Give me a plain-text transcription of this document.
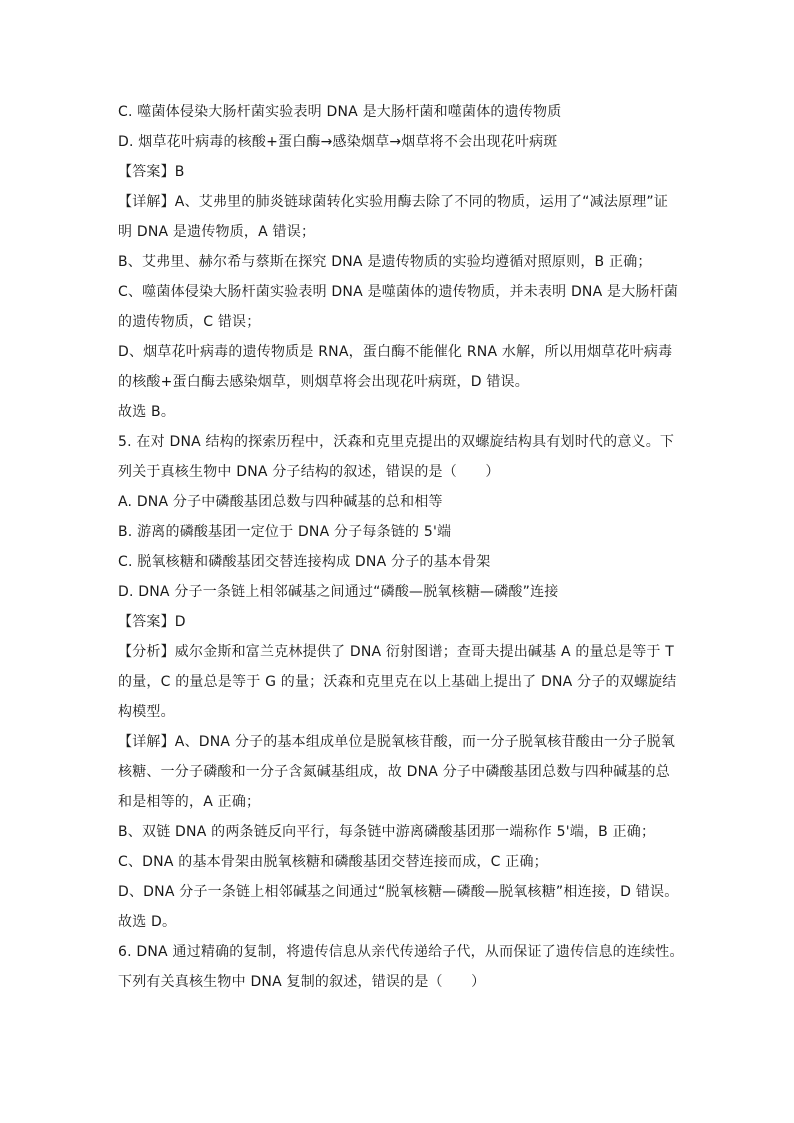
C. 噬菌体侵染大肠杆菌实验表明 DNA 是大肠杆菌和噬菌体的遗传物质
D. 烟草花叶病毒的核酸+蛋白酶→感染烟草→烟草将不会出现花叶病斑
【答案】B
【详解】A、艾弗里的肺炎链球菌转化实验用酶去除了不同的物质，运用了“减法原理”证
明 DNA 是遗传物质，A 错误；
B、艾弗里、赫尔希与蔡斯在探究 DNA 是遗传物质的实验均遵循对照原则，B 正确；
C、噬菌体侵染大肠杆菌实验表明 DNA 是噬菌体的遗传物质，并未表明 DNA 是大肠杆菌
的遗传物质，C 错误；
D、烟草花叶病毒的遗传物质是 RNA，蛋白酶不能催化 RNA 水解，所以用烟草花叶病毒
的核酸+蛋白酶去感染烟草，则烟草将会出现花叶病斑，D 错误。
故选 B。
5. 在对 DNA 结构的探索历程中，沃森和克里克提出的双螺旋结构具有划时代的意义。下
列关于真核生物中 DNA 分子结构的叙述，错误的是（　　）
A. DNA 分子中磷酸基团总数与四种碱基的总和相等
B. 游离的磷酸基团一定位于 DNA 分子每条链的 5'端
C. 脱氧核糖和磷酸基团交替连接构成 DNA 分子的基本骨架
D. DNA 分子一条链上相邻碱基之间通过“磷酸—脱氧核糖—磷酸”连接
【答案】D
【分析】威尔金斯和富兰克林提供了 DNA 衍射图谱；查哥夫提出碱基 A 的量总是等于 T
的量，C 的量总是等于 G 的量；沃森和克里克在以上基础上提出了 DNA 分子的双螺旋结
构模型。
【详解】A、DNA 分子的基本组成单位是脱氧核苷酸，而一分子脱氧核苷酸由一分子脱氧
核糖、一分子磷酸和一分子含氮碱基组成，故 DNA 分子中磷酸基团总数与四种碱基的总
和是相等的，A 正确；
B、双链 DNA 的两条链反向平行，每条链中游离磷酸基团那一端称作 5'端，B 正确；
C、DNA 的基本骨架由脱氧核糖和磷酸基团交替连接而成，C 正确；
D、DNA 分子一条链上相邻碱基之间通过“脱氧核糖—磷酸—脱氧核糖”相连接，D 错误。
故选 D。
6. DNA 通过精确的复制，将遗传信息从亲代传递给子代，从而保证了遗传信息的连续性。
下列有关真核生物中 DNA 复制的叙述，错误的是（　　）
